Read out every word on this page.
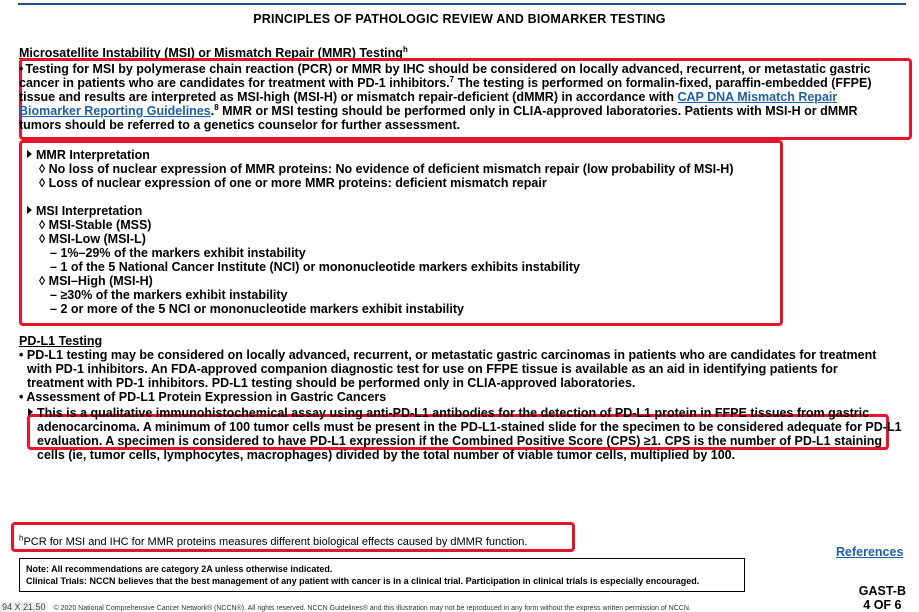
PRINCIPLES OF PATHOLOGIC REVIEW AND BIOMARKER TESTING
Microsatellite Instability (MSI) or Mismatch Repair (MMR) Testing$^h$
• Testing for MSI by polymerase chain reaction (PCR) or MMR by IHC should be considered on locally advanced, recurrent, or metastatic gastric cancer in patients who are candidates for treatment with PD-1 inhibitors.$^7$ The testing is performed on formalin-fixed, paraffin-embedded (FFPE) tissue and results are interpreted as MSI-high (MSI-H) or mismatch repair-deficient (dMMR) in accordance with CAP DNA Mismatch Repair Biomarker Reporting Guidelines.$^8$ MMR or MSI testing should be performed only in CLIA-approved laboratories. Patients with MSI-H or dMMR tumors should be referred to a genetics counselor for further assessment.
MMR Interpretation
◊ No loss of nuclear expression of MMR proteins: No evidence of deficient mismatch repair (low probability of MSI-H)
◊ Loss of nuclear expression of one or more MMR proteins: deficient mismatch repair
MSI Interpretation
◊ MSI-Stable (MSS)
◊ MSI-Low (MSI-L)
– 1%–29% of the markers exhibit instability
– 1 of the 5 National Cancer Institute (NCI) or mononucleotide markers exhibits instability
◊ MSI–High (MSI-H)
– ≥30% of the markers exhibit instability
– 2 or more of the 5 NCI or mononucleotide markers exhibit instability
PD-L1 Testing
• PD-L1 testing may be considered on locally advanced, recurrent, or metastatic gastric carcinomas in patients who are candidates for treatment with PD-1 inhibitors. An FDA-approved companion diagnostic test for use on FFPE tissue is available as an aid in identifying patients for treatment with PD-1 inhibitors. PD-L1 testing should be performed only in CLIA-approved laboratories.
• Assessment of PD-L1 Protein Expression in Gastric Cancers
This is a qualitative immunohistochemical assay using anti-PD-L1 antibodies for the detection of PD-L1 protein in FFPE tissues from gastric adenocarcinoma. A minimum of 100 tumor cells must be present in the PD-L1-stained slide for the specimen to be considered adequate for PD-L1 evaluation. A specimen is considered to have PD-L1 expression if the Combined Positive Score (CPS) ≥1. CPS is the number of PD-L1 staining cells (ie, tumor cells, lymphocytes, macrophages) divided by the total number of viable tumor cells, multiplied by 100.
$^h$PCR for MSI and IHC for MMR proteins measures different biological effects caused by dMMR function.
References
Note: All recommendations are category 2A unless otherwise indicated.
Clinical Trials: NCCN believes that the best management of any patient with cancer is in a clinical trial. Participation in clinical trials is especially encouraged.
GAST-B
4 OF 6
94 X 21.50 © 2020 National Comprehensive Cancer Network® (NCCN®). All rights reserved. NCCN Guidelines® and this illustration may not be reproduced in any form without the express written permission of NCCN.
